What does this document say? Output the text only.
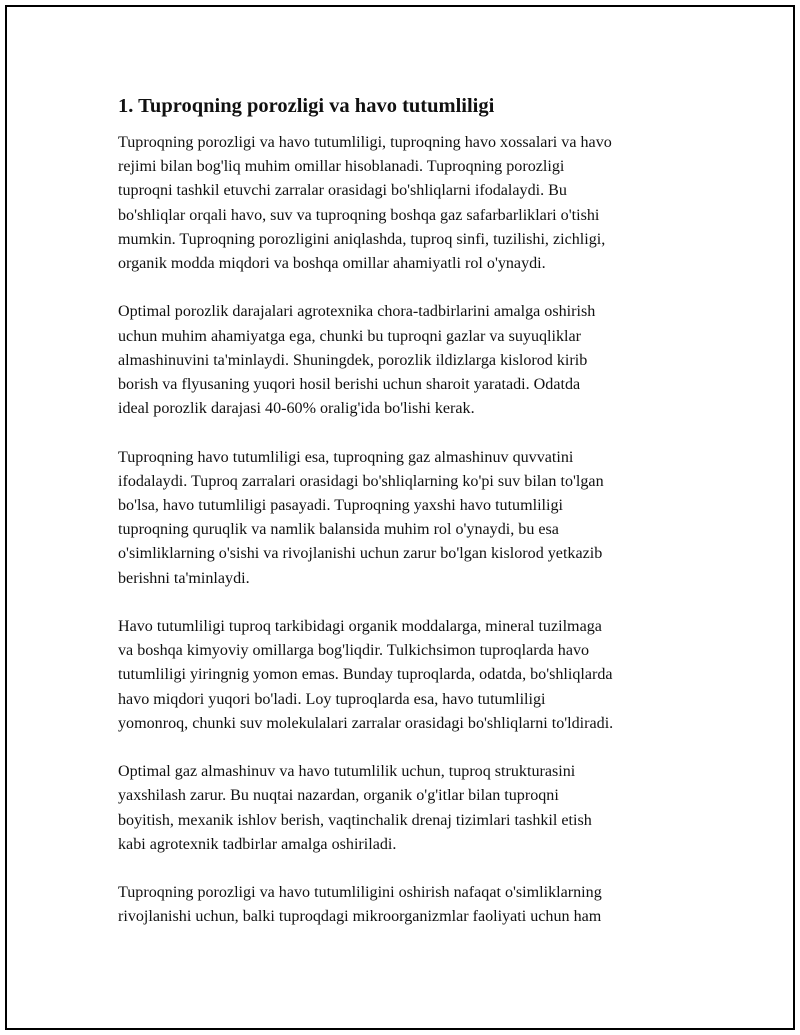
1. Tuproqning porozligi va havo tutumliligi

Tuproqning porozligi va havo tutumliligi, tuproqning havo xossalari va havo
rejimi bilan bog'liq muhim omillar hisoblanadi. Tuproqning porozligi
tuproqni tashkil etuvchi zarralar orasidagi bo'shliqlarni ifodalaydi. Bu
bo'shliqlar orqali havo, suv va tuproqning boshqa gaz safarbarliklari o'tishi
mumkin. Tuproqning porozligini aniqlashda, tuproq sinfi, tuzilishi, zichligi,
organik modda miqdori va boshqa omillar ahamiyatli rol o'ynaydi.

Optimal porozlik darajalari agrotexnika chora-tadbirlarini amalga oshirish
uchun muhim ahamiyatga ega, chunki bu tuproqni gazlar va suyuqliklar
almashinuvini ta'minlaydi. Shuningdek, porozlik ildizlarga kislorod kirib
borish va flyusaning yuqori hosil berishi uchun sharoit yaratadi. Odatda
ideal porozlik darajasi 40-60% oralig'ida bo'lishi kerak.

Tuproqning havo tutumliligi esa, tuproqning gaz almashinuv quvvatini
ifodalaydi. Tuproq zarralari orasidagi bo'shliqlarning ko'pi suv bilan to'lgan
bo'lsa, havo tutumliligi pasayadi. Tuproqning yaxshi havo tutumliligi
tuproqning quruqlik va namlik balansida muhim rol o'ynaydi, bu esa
o'simliklarning o'sishi va rivojlanishi uchun zarur bo'lgan kislorod yetkazib
berishni ta'minlaydi.

Havo tutumliligi tuproq tarkibidagi organik moddalarga, mineral tuzilmaga
va boshqa kimyoviy omillarga bog'liqdir. Tulkichsimon tuproqlarda havo
tutumliligi yiringnig yomon emas. Bunday tuproqlarda, odatda, bo'shliqlarda
havo miqdori yuqori bo'ladi. Loy tuproqlarda esa, havo tutumliligi
yomonroq, chunki suv molekulalari zarralar orasidagi bo'shliqlarni to'ldiradi.

Optimal gaz almashinuv va havo tutumlilik uchun, tuproq strukturasini
yaxshilash zarur. Bu nuqtai nazardan, organik o'g'itlar bilan tuproqni
boyitish, mexanik ishlov berish, vaqtinchalik drenaj tizimlari tashkil etish
kabi agrotexnik tadbirlar amalga oshiriladi.

Tuproqning porozligi va havo tutumliligini oshirish nafaqat o'simliklarning
rivojlanishi uchun, balki tuproqdagi mikroorganizmlar faoliyati uchun ham
